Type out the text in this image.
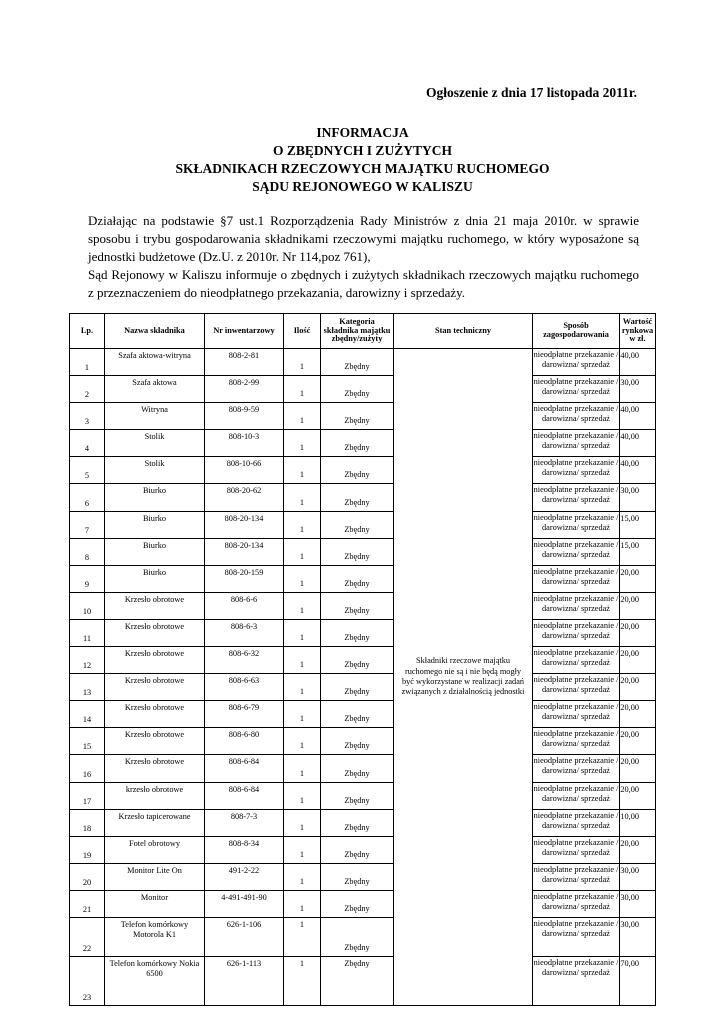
Ogłoszenie z dnia 17 listopada 2011r.
INFORMACJA
O ZBĘDNYCH I ZUŻYTYCH
SKŁADNIKACH RZECZOWYCH MAJĄTKU RUCHOMEGO
SĄDU REJONOWEGO W KALISZU

Działając na podstawie §7 ust.1 Rozporządzenia Rady Ministrów z dnia 21 maja 2010r. w sprawie sposobu i trybu gospodarowania składnikami rzeczowymi majątku ruchomego, w który wyposażone są jednostki budżetowe (Dz.U. z 2010r. Nr 114,poz 761),

Sąd Rejonowy w Kaliszu informuje o zbędnych i zużytych składnikach rzeczowych majątku ruchomego z przeznaczeniem do nieodpłatnego przekazania, darowizny i sprzedaży.

Lp.	Nazwa składnika	Nr inwentarzowy	Ilość	Kategoria składnika majątku zbędny/zużyty	Stan techniczny	Sposób zagospodarowania	Wartość rynkowa w zł.
1	Szafa aktowa-witryna	808-2-81	1	Zbędny	Składniki rzeczowe majątku ruchomego nie są i nie będą mogły być wykorzystane w realizacji zadań związanych z działalnością jednostki	nieodpłatne przekazanie / darowizna/ sprzedaż	40,00
2	Szafa aktowa	808-2-99	1	Zbędny		nieodpłatne przekazanie / darowizna/ sprzedaż	30,00
3	Witryna	808-9-59	1	Zbędny		nieodpłatne przekazanie / darowizna/ sprzedaż	40,00
4	Stolik	808-10-3	1	Zbędny		nieodpłatne przekazanie / darowizna/ sprzedaż	40,00
5	Stolik	808-10-66	1	Zbędny		nieodpłatne przekazanie / darowizna/ sprzedaż	40,00
6	Biurko	808-20-62	1	Zbędny		nieodpłatne przekazanie / darowizna/ sprzedaż	30,00
7	Biurko	808-20-134	1	Zbędny		nieodpłatne przekazanie / darowizna/ sprzedaż	15,00
8	Biurko	808-20-134	1	Zbędny		nieodpłatne przekazanie / darowizna/ sprzedaż	15,00
9	Biurko	808-20-159	1	Zbędny		nieodpłatne przekazanie / darowizna/ sprzedaż	20,00
10	Krzesło obrotowe	808-6-6	1	Zbędny		nieodpłatne przekazanie / darowizna/ sprzedaż	20,00
11	Krzesło obrotowe	808-6-3	1	Zbędny		nieodpłatne przekazanie / darowizna/ sprzedaż	20,00
12	Krzesło obrotowe	808-6-32	1	Zbędny		nieodpłatne przekazanie / darowizna/ sprzedaż	20,00
13	Krzesło obrotowe	808-6-63	1	Zbędny		nieodpłatne przekazanie / darowizna/ sprzedaż	20,00
14	Krzesło obrotowe	808-6-79	1	Zbędny		nieodpłatne przekazanie / darowizna/ sprzedaż	20,00
15	Krzesło obrotowe	808-6-80	1	Zbędny		nieodpłatne przekazanie / darowizna/ sprzedaż	20,00
16	Krzesło obrotowe	808-6-84	1	Zbędny		nieodpłatne przekazanie / darowizna/ sprzedaż	20,00
17	krzesło obrotowe	808-6-84	1	Zbędny		nieodpłatne przekazanie / darowizna/ sprzedaż	20,00
18	Krzesło tapicerowane	808-7-3	1	Zbędny		nieodpłatne przekazanie / darowizna/ sprzedaż	10,00
19	Fotel obrotowy	808-8-34	1	Zbędny		nieodpłatne przekazanie / darowizna/ sprzedaż	20,00
20	Monitor Lite On	491-2-22	1	Zbędny		nieodpłatne przekazanie / darowizna/ sprzedaż	30,00
21	Monitor	4-491-491-90	1	Zbędny		nieodpłatne przekazanie / darowizna/ sprzedaż	30,00
22	Telefon komórkowy Motorola K1	626-1-106	1	Zbędny		nieodpłatne przekazanie / darowizna/ sprzedaż	30,00
23	Telefon komórkowy Nokia 6500	626-1-113	1	Zbędny		nieodpłatne przekazanie / darowizna/ sprzedaż	70,00
